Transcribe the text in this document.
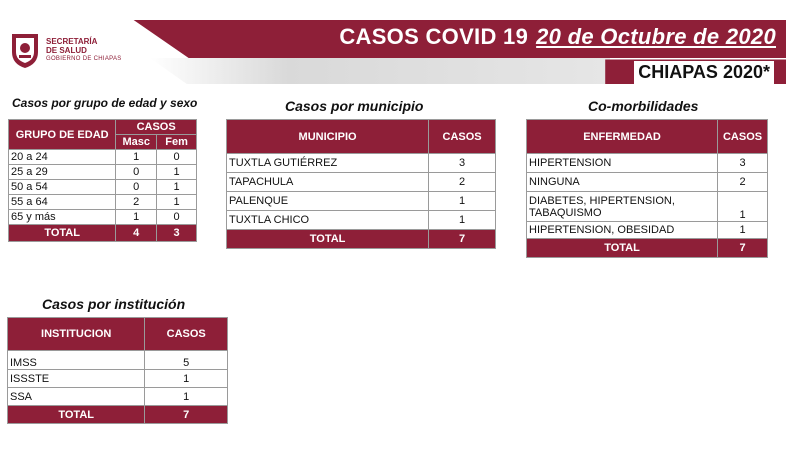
CASOS COVID 19 20 de Octubre de 2020
CHIAPAS 2020*
SECRETARÍA
DE SALUD
GOBIERNO DE CHIAPAS
Casos por grupo de edad y sexo
GRUPO DE EDAD	CASOS	
	Masc	Fem
20 a 24	1	0
25 a 29	0	1
50 a 54	0	1
55 a 64	2	1
65 y más	1	0
TOTAL	4	3
Casos por municipio
MUNICIPIO	CASOS
TUXTLA GUTIÉRREZ	3
TAPACHULA	2
PALENQUE	1
TUXTLA CHICO	1
TOTAL	7
Co-morbilidades
ENFERMEDAD	CASOS
HIPERTENSION	3
NINGUNA	2
DIABETES, HIPERTENSION, TABAQUISMO	1
HIPERTENSION, OBESIDAD	1
TOTAL	7
Casos por institución
INSTITUCION	CASOS
IMSS	5
ISSSTE	1
SSA	1
TOTAL	7
